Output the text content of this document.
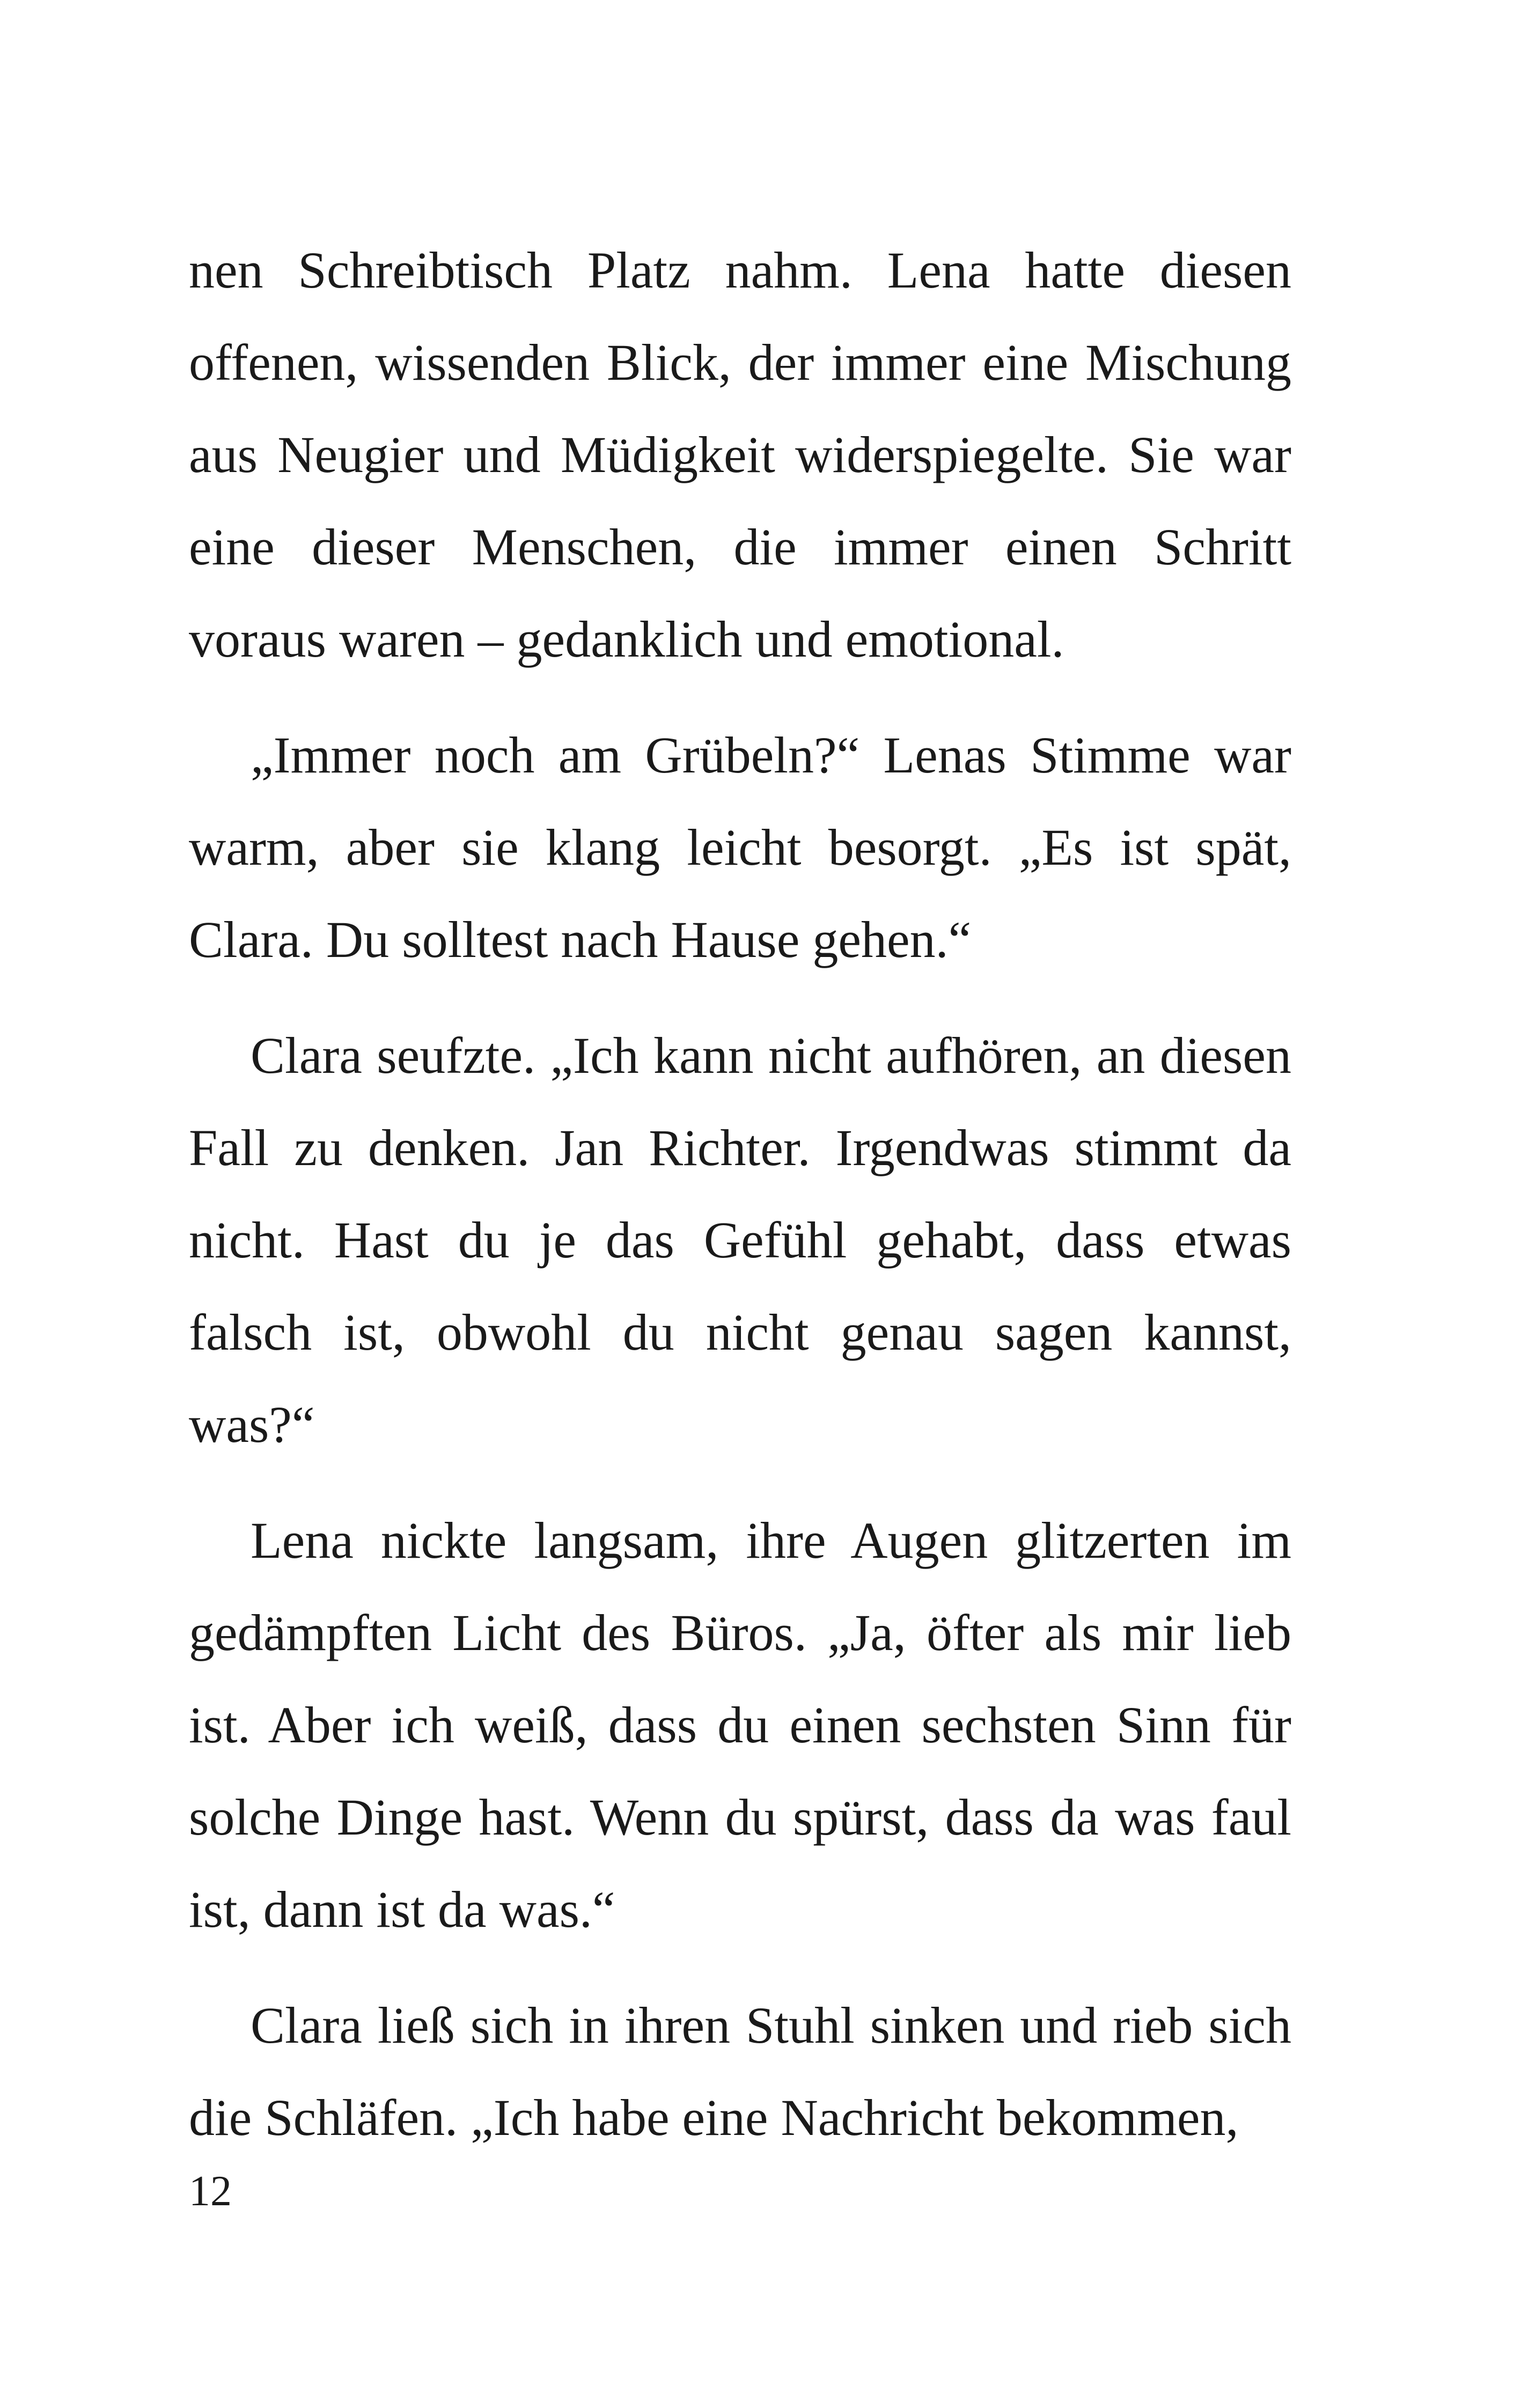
nen Schreibtisch Platz nahm. Lena hatte diesen offenen, wissenden Blick, der immer eine Mischung aus Neugier und Müdigkeit widerspiegelte. Sie war eine dieser Menschen, die immer einen Schritt voraus waren – gedanklich und emotional.

„Immer noch am Grübeln?“ Lenas Stimme war warm, aber sie klang leicht besorgt. „Es ist spät, Clara. Du solltest nach Hause gehen.“

Clara seufzte. „Ich kann nicht aufhören, an diesen Fall zu denken. Jan Richter. Irgendwas stimmt da nicht. Hast du je das Gefühl gehabt, dass etwas falsch ist, obwohl du nicht genau sagen kannst, was?“

Lena nickte langsam, ihre Augen glitzerten im gedämpften Licht des Büros. „Ja, öfter als mir lieb ist. Aber ich weiß, dass du einen sechsten Sinn für solche Dinge hast. Wenn du spürst, dass da was faul ist, dann ist da was.“

Clara ließ sich in ihren Stuhl sinken und rieb sich die Schläfen. „Ich habe eine Nachricht bekommen,

12
